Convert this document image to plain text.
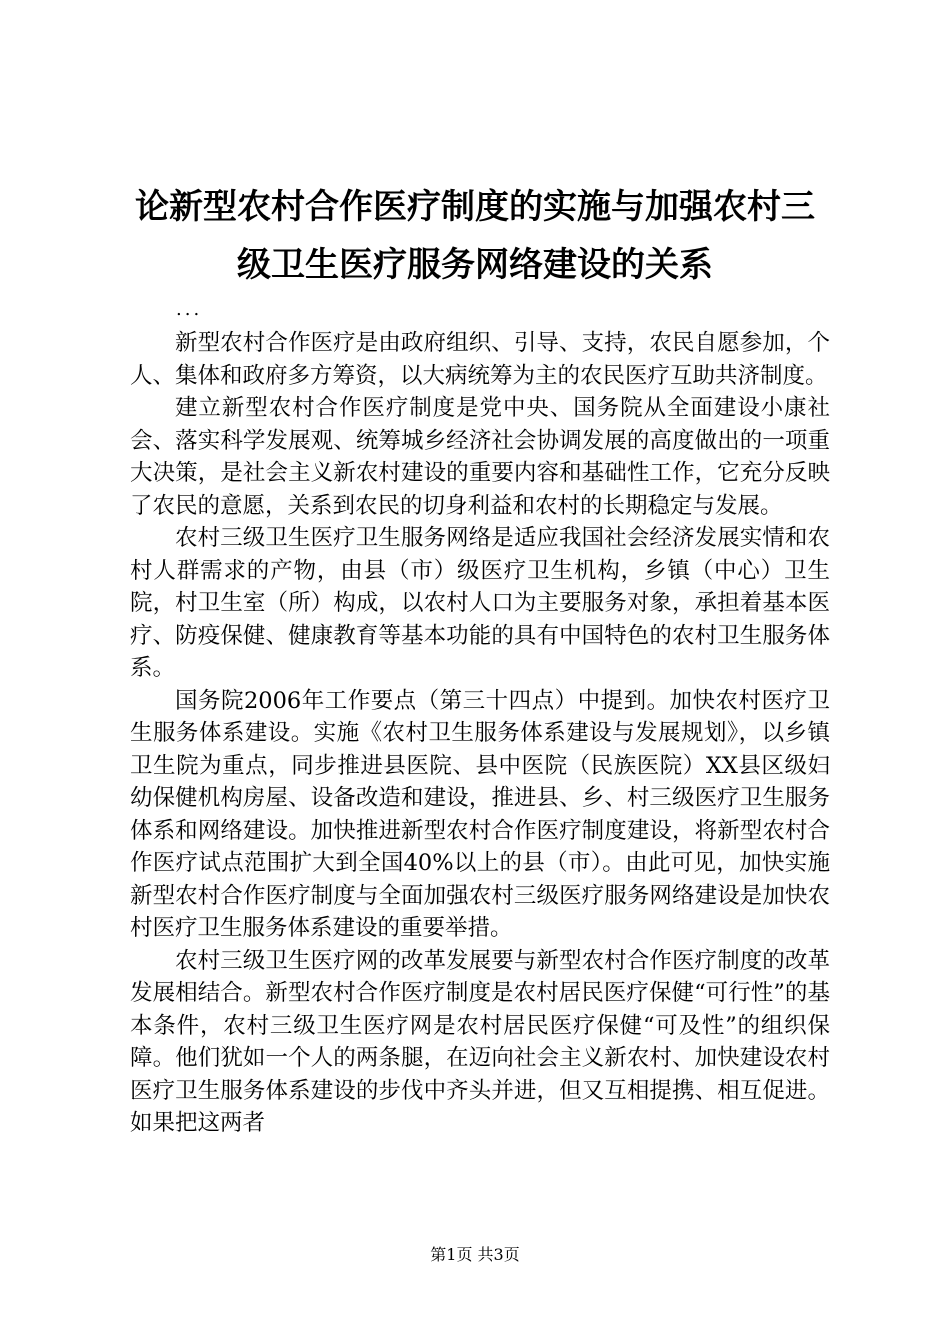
论新型农村合作医疗制度的实施与加强农村三
级卫生医疗服务网络建设的关系
...

新型农村合作医疗是由政府组织、引导、支持，农民自愿参加，个人、集体和政府多方筹资，以大病统筹为主的农民医疗互助共济制度。

建立新型农村合作医疗制度是党中央、国务院从全面建设小康社会、落实科学发展观、统筹城乡经济社会协调发展的高度做出的一项重大决策，是社会主义新农村建设的重要内容和基础性工作，它充分反映了农民的意愿，关系到农民的切身利益和农村的长期稳定与发展。

农村三级卫生医疗卫生服务网络是适应我国社会经济发展实情和农村人群需求的产物，由县（市）级医疗卫生机构，乡镇（中心）卫生院，村卫生室（所）构成，以农村人口为主要服务对象，承担着基本医疗、防疫保健、健康教育等基本功能的具有中国特色的农村卫生服务体系。

国务院2006年工作要点（第三十四点）中提到。加快农村医疗卫生服务体系建设。实施《农村卫生服务体系建设与发展规划》，以乡镇卫生院为重点，同步推进县医院、县中医院（民族医院）XX县区级妇幼保健机构房屋、设备改造和建设，推进县、乡、村三级医疗卫生服务体系和网络建设。加快推进新型农村合作医疗制度建设，将新型农村合作医疗试点范围扩大到全国40%以上的县（市）。由此可见，加快实施新型农村合作医疗制度与全面加强农村三级医疗服务网络建设是加快农村医疗卫生服务体系建设的重要举措。

农村三级卫生医疗网的改革发展要与新型农村合作医疗制度的改革发展相结合。新型农村合作医疗制度是农村居民医疗保健“可行性”的基本条件，农村三级卫生医疗网是农村居民医疗保健“可及性”的组织保障。他们犹如一个人的两条腿，在迈向社会主义新农村、加快建设农村医疗卫生服务体系建设的步伐中齐头并进，但又互相提携、相互促进。如果把这两者

第1页 共3页
